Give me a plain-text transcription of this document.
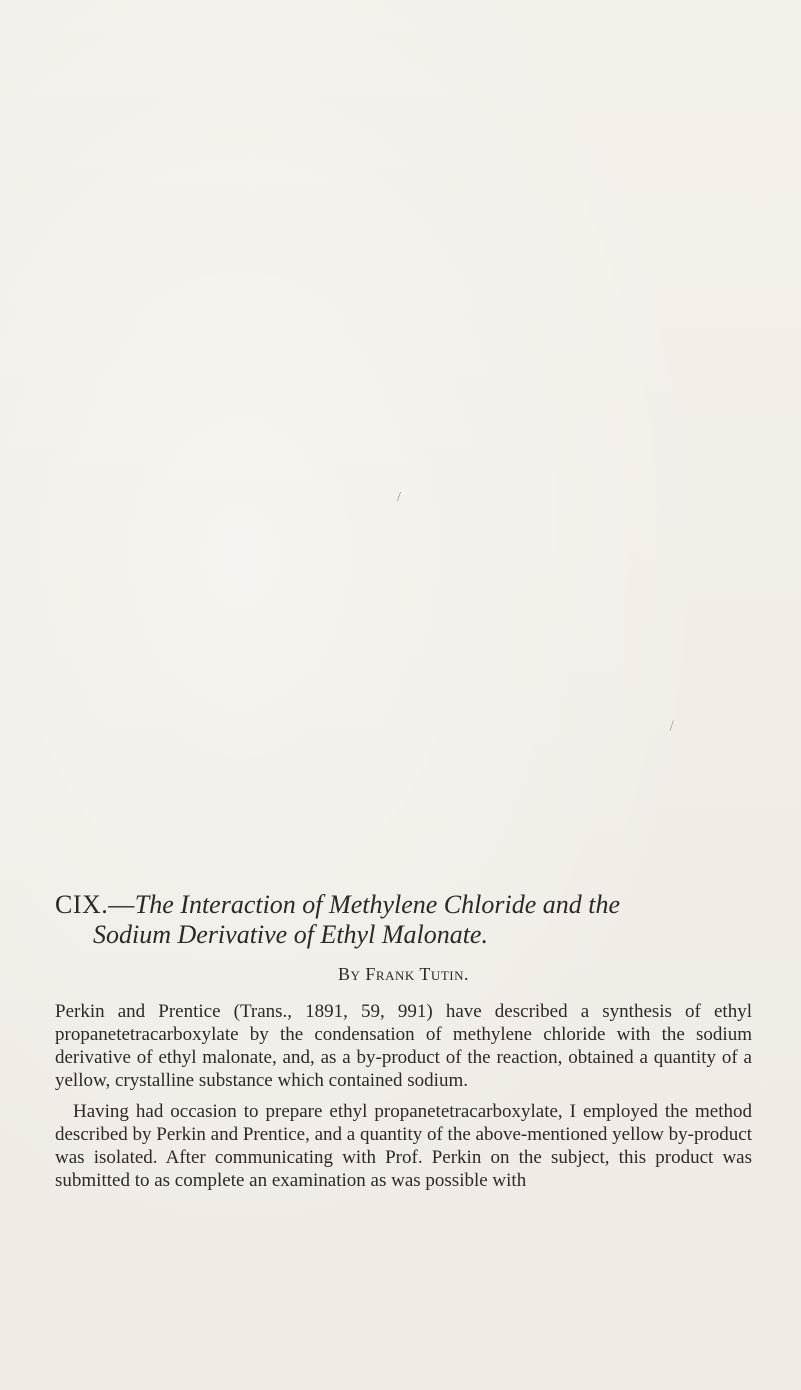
/
⁄
CIX.—The Interaction of Methylene Chloride and the
Sodium Derivative of Ethyl Malonate.

By Frank Tutin.

Perkin and Prentice (Trans., 1891, 59, 991) have described a synthesis of ethyl propanetetracarboxylate by the condensation of methylene chloride with the sodium derivative of ethyl malonate, and, as a by-product of the reaction, obtained a quantity of a yellow, crystalline substance which contained sodium.

Having had occasion to prepare ethyl propanetetracarboxylate, I employed the method described by Perkin and Prentice, and a quantity of the above-mentioned yellow by-product was isolated. After communicating with Prof. Perkin on the subject, this product was submitted to as complete an examination as was possible with
